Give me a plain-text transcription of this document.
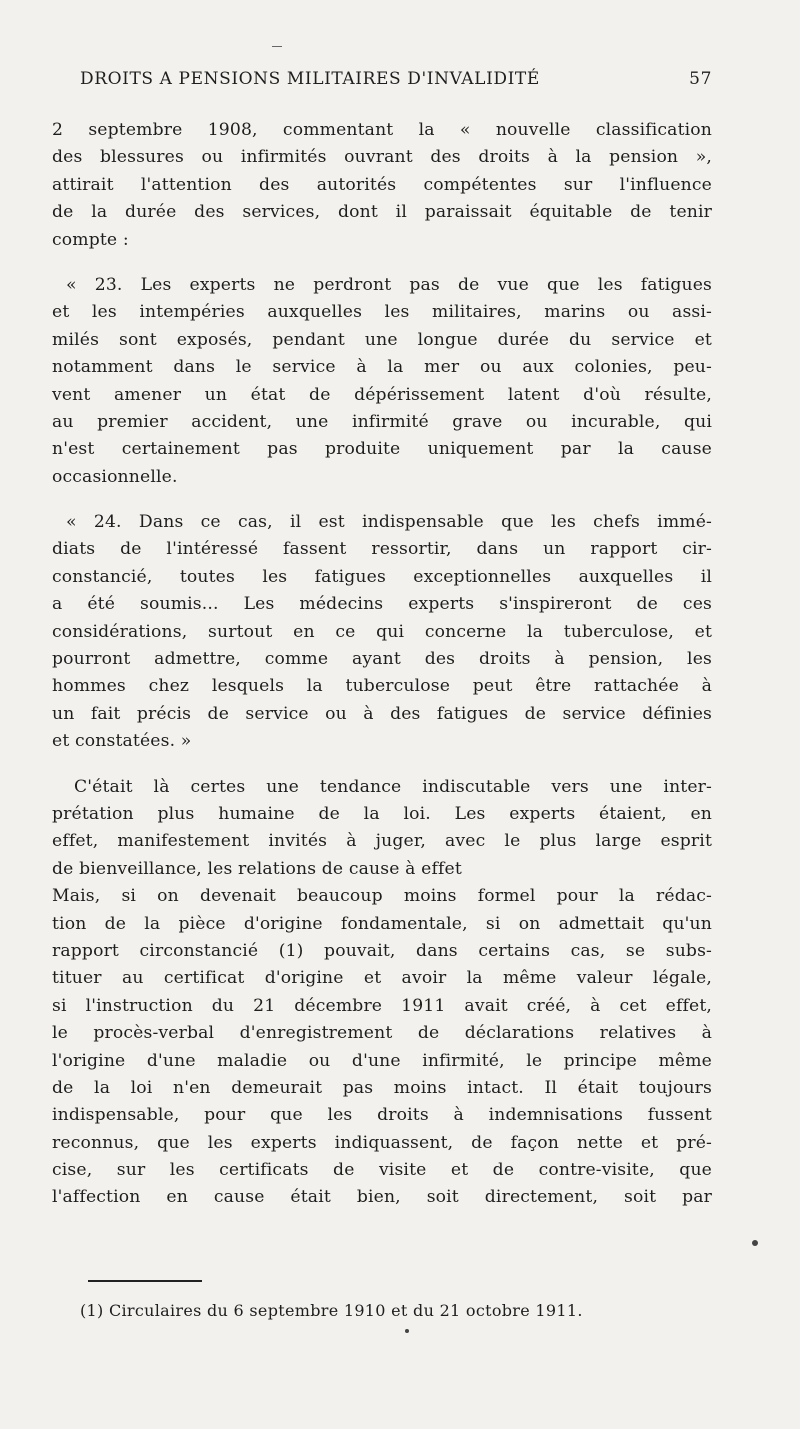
DROITS A PENSIONS MILITAIRES D'INVALIDITÉ	57
2 septembre 1908, commentant la « nouvelle classification
des blessures ou infirmités ouvrant des droits à la pension »,
attirait l'attention des autorités compétentes sur l'influence
de la durée des services, dont il paraissait équitable de tenir
compte :
« 23. Les experts ne perdront pas de vue que les fatigues
et les intempéries auxquelles les militaires, marins ou assi-
milés sont exposés, pendant une longue durée du service et
notamment dans le service à la mer ou aux colonies, peu-
vent amener un état de dépérissement latent d'où résulte,
au premier accident, une infirmité grave ou incurable, qui
n'est certainement pas produite uniquement par la cause
occasionnelle.
« 24. Dans ce cas, il est indispensable que les chefs immé-
diats de l'intéressé fassent ressortir, dans un rapport cir-
constancié, toutes les fatigues exceptionnelles auxquelles il
a été soumis... Les médecins experts s'inspireront de ces
considérations, surtout en ce qui concerne la tuberculose, et
pourront admettre, comme ayant des droits à pension, les
hommes chez lesquels la tuberculose peut être rattachée à
un fait précis de service ou à des fatigues de service définies
et constatées. »
C'était là certes une tendance indiscutable vers une inter-
prétation plus humaine de la loi. Les experts étaient, en
effet, manifestement invités à juger, avec le plus large esprit
de bienveillance, les relations de cause à effet
Mais, si on devenait beaucoup moins formel pour la rédac-
tion de la pièce d'origine fondamentale, si on admettait qu'un
rapport circonstancié (1) pouvait, dans certains cas, se subs-
tituer au certificat d'origine et avoir la même valeur légale,
si l'instruction du 21 décembre 1911 avait créé, à cet effet,
le procès-verbal d'enregistrement de déclarations relatives à
l'origine d'une maladie ou d'une infirmité, le principe même
de la loi n'en demeurait pas moins intact. Il était toujours
indispensable, pour que les droits à indemnisations fussent
reconnus, que les experts indiquassent, de façon nette et pré-
cise, sur les certificats de visite et de contre-visite, que
l'affection en cause était bien, soit directement, soit par
(1) Circulaires du 6 septembre 1910 et du 21 octobre 1911.
